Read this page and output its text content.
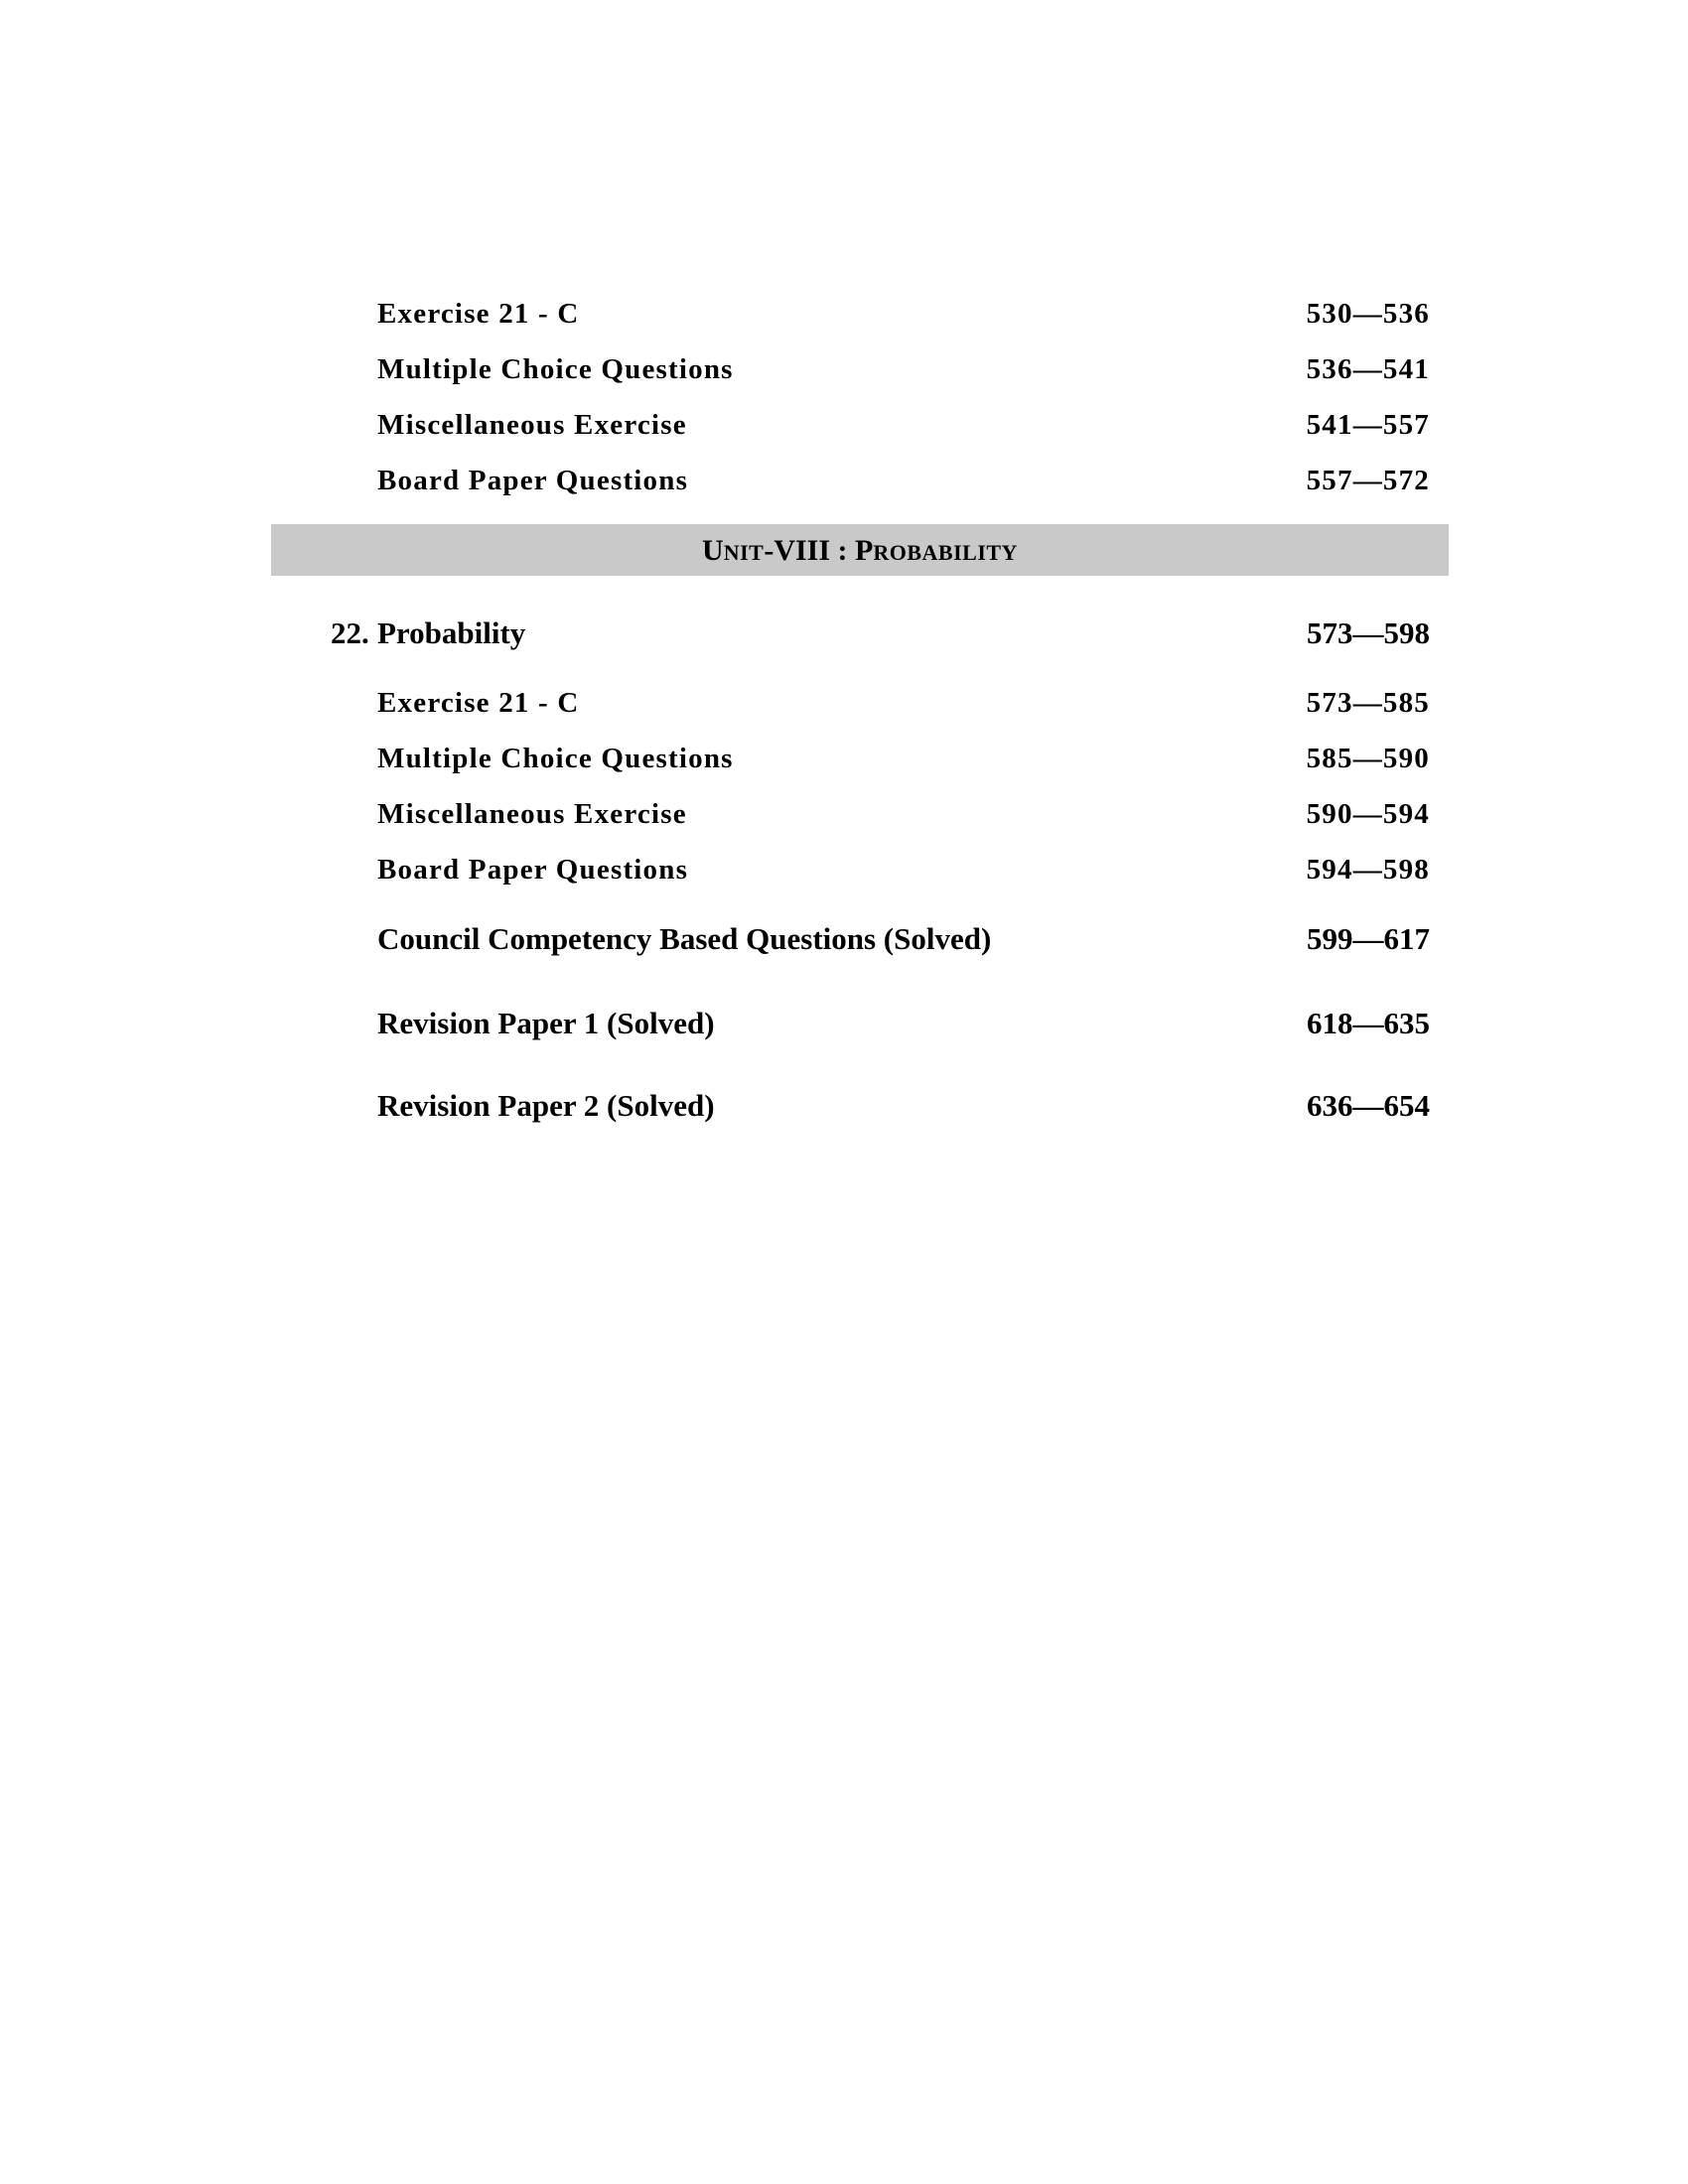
Exercise 21 - C	530—536
Multiple Choice Questions	536—541
Miscellaneous Exercise	541—557
Board Paper Questions	557—572
UNIT-VIII : PROBABILITY
22. Probability	573—598
Exercise 21 - C	573—585
Multiple Choice Questions	585—590
Miscellaneous Exercise	590—594
Board Paper Questions	594—598
Council Competency Based Questions (Solved)	599—617
Revision Paper 1 (Solved)	618—635
Revision Paper 2 (Solved)	636—654
